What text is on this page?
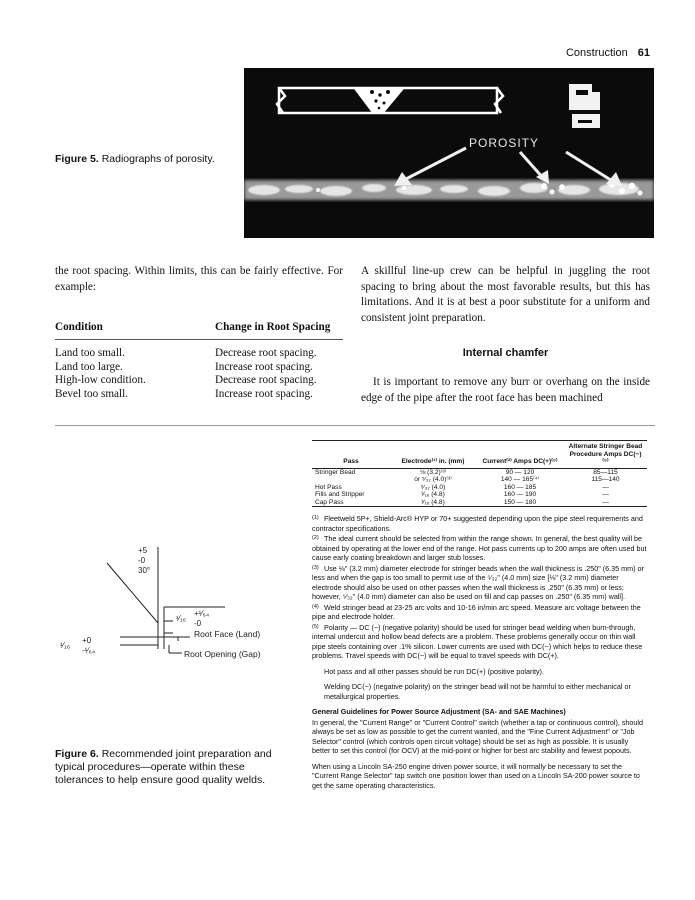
Construction 61
POROSITY
Figure 5. Radiographs of porosity.
the root spacing. Within limits, this can be fairly effective. For example:
Condition	Change in Root Spacing

Land too small.	Decrease root spacing.
Land too large.	Increase root spacing.
High-low condition.	Decrease root spacing.
Bevel too small.	Increase root spacing.
A skillful line-up crew can be helpful in juggling the root spacing to bring about the most favorable results, but this has limitations. And it is at best a poor substitute for a uniform and consistent joint preparation.
Internal chamfer
It is important to remove any burr or overhang on the inside edge of the pipe after the root face has been machined
+5
-0
30°
¹⁄₁₆
+¹⁄₆₄
-0
¹⁄₁₆
+0
-¹⁄₆₄
Root Face (Land)
Root Opening (Gap)
Figure 6. Recommended joint preparation and typical procedures—operate within these tolerances to help ensure good quality welds.
Pass	Electrode⁽¹⁾ in. (mm)	Current⁽²⁾ Amps DC(+)⁽⁵⁾	Alternate Stringer Bead Procedure Amps DC(−)⁽⁵⁾
Stringer Bead	⅛ (3.2)⁽³⁾	90 — 120	85—115
	or ⁵⁄₃₂ (4.0)⁽³⁾	140 — 165⁽⁴⁾	115—140
Hot Pass	⁵⁄₃₂ (4.0)	160 — 185	—
Fills and Stripper	³⁄₁₆ (4.8)	160 — 190	—
Cap Pass	³⁄₁₆ (4.8)	150 — 180	—

(1) Fleetweld 5P+, Shield-Arc® HYP or 70+ suggested depending upon the pipe steel requirements and contractor specifications.

(2) The ideal current should be selected from within the range shown. In general, the best quality will be obtained by operating at the lower end of the range. Hot pass currents up to 200 amps are often used but cause early coating breakdown and larger stub losses.

(3) Use ⅛" (3.2 mm) diameter electrode for stringer beads when the wall thickness is .250" (6.35 mm) or less and when the gap is too small to permit use of the ⁵⁄₃₂" (4.0 mm) size [⅛" (3.2 mm) diameter electrode should also be used on other passes when the wall thickness is .250" (6.35 mm) or less; however, ⁵⁄₃₂" (4.0 mm) diameter can also be used on fill and cap passes on .250" (6.35 mm) wall].

(4) Weld stringer bead at 23-25 arc volts and 10-16 in/min arc speed. Measure arc voltage between the pipe and electrode holder.

(5) Polarity — DC (−) (negative polarity) should be used for stringer bead welding when burn-through, internal undercut and hollow bead defects are a problem. These problems generally occur on thin wall pipe steels containing over .1% silicon. Lower currents are used with DC(−) which helps to reduce these problems. Travel speeds with DC(−) will be equal to travel speeds with DC(+).

Hot pass and all other passes should be run DC(+) (positive polarity).

Welding DC(−) (negative polarity) on the stringer bead will not be harmful to either mechanical or metallurgical properties.

General Guidelines for Power Source Adjustment (SA- and SAE Machines)

In general, the "Current Range" or "Current Control" switch (whether a tap or continuous control), should always be set as low as possible to get the current wanted, and the "Fine Current Adjustment" or "Job Selector" control (which controls open circuit voltage) should be set as high as possible. It is usually better to set this control (for OCV) at the mid-point or higher for best arc stability and fewest popouts.

When using a Lincoln SA-250 engine driven power source, it will normally be necessary to set the "Current Range Selector" tap switch one position lower than used on a Lincoln SA-200 power source to get the same operating characteristics.
